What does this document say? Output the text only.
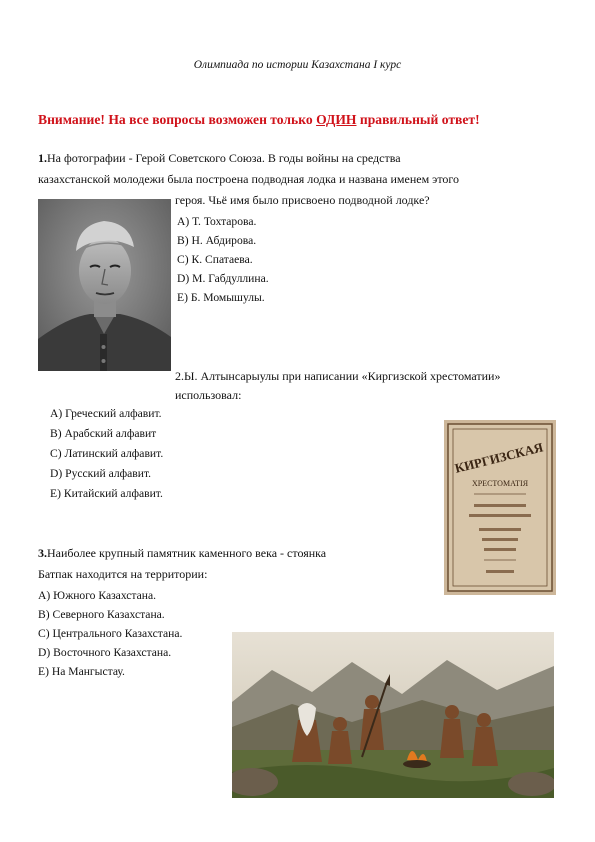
Олимпиада по истории Казахстана I курс
Внимание! На все вопросы возможен только ОДИН правильный ответ!
1.На фотографии - Герой Советского Союза. В годы войны на средства
казахстанской молодежи была построена подводная лодка и названа именем этого
героя. Чьё имя было присвоено подводной лодке?
А) Т. Тохтарова.
В) Н. Абдирова.
С) К. Спатаева.
D) М. Габдуллина.
Е) Б. Момышулы.
2.Ы. Алтынсарыулы при написании «Киргизской хрестоматии»
использовал:
А) Греческий алфавит.
В) Арабский алфавит
С) Латинский алфавит.
D) Русский алфавит.
Е) Китайский алфавит.
КИРГИЗСКАЯ
ХРЕСТОМАТІЯ
3.Наиболее крупный памятник каменного века - стоянка
Батпак находится на территории:
А) Южного Казахстана.
В) Северного Казахстана.
С) Центрального Казахстана.
D) Восточного Казахстана.
Е) На Мангыстау.
